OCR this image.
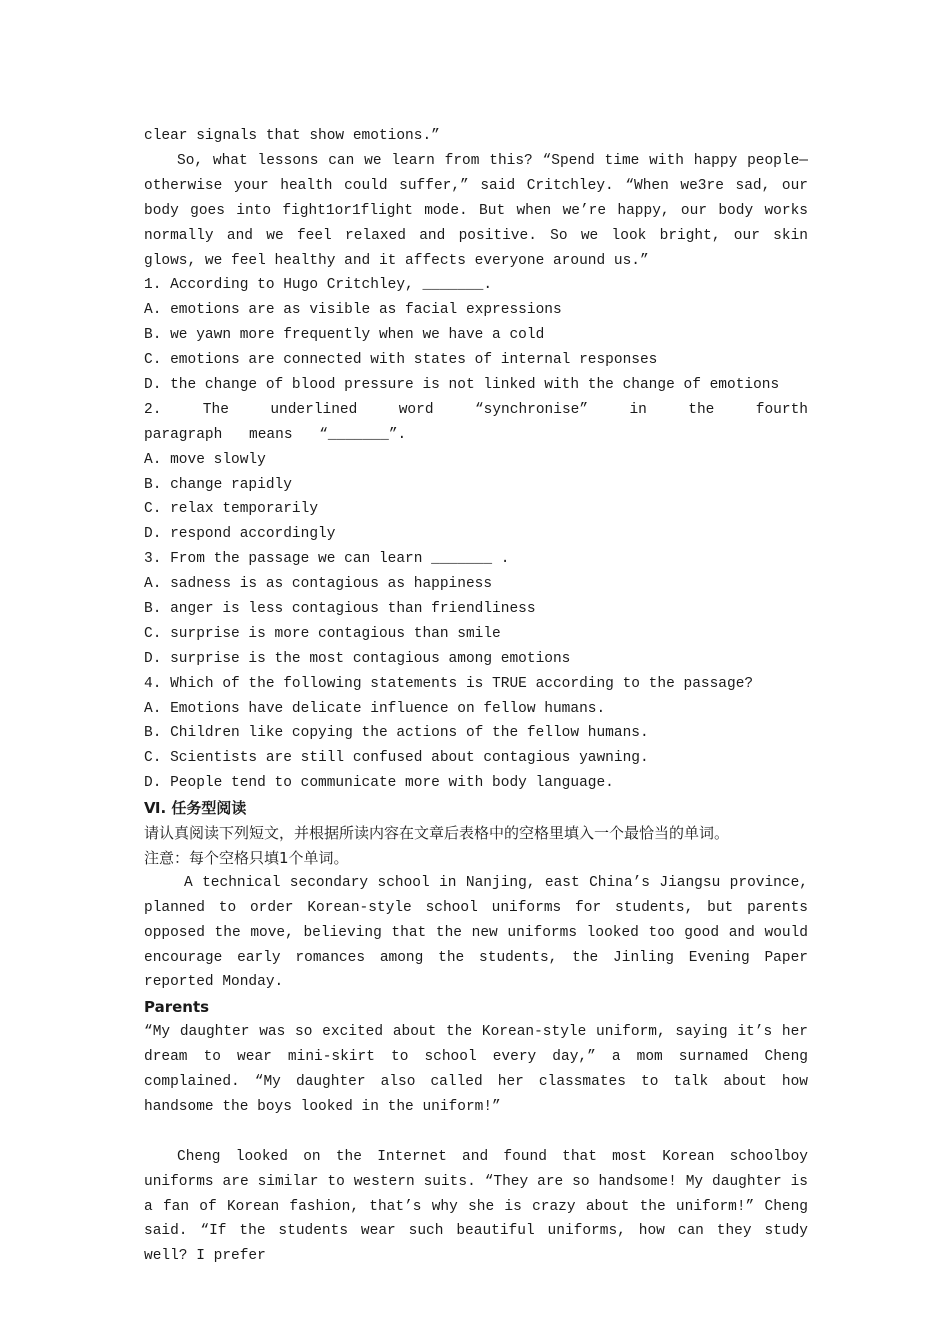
clear signals that show emotions.”

So, what lessons can we learn from this? “Spend time with happy people—otherwise your health could suffer,” said Critchley. “When we3re sad, our body goes into fight1or1flight mode. But when we’re happy, our body works normally and we feel relaxed and positive. So we look bright, our skin glows, we feel healthy and it affects everyone around us.”

1. According to Hugo Critchley, _______.
A. emotions are as visible as facial expressions
B. we yawn more frequently when we have a cold
C. emotions are connected with states of internal responses
D. the change of blood pressure is not linked with the change of emotions
2. The underlined word “synchronise” in the fourth paragraph means “_______”.
A. move slowly
B. change rapidly
C. relax temporarily
D. respond accordingly
3. From the passage we can learn _______ .
A. sadness is as contagious as happiness
B. anger is less contagious than friendliness
C. surprise is more contagious than smile
D. surprise is the most contagious among emotions
4. Which of the following statements is TRUE according to the passage?
A. Emotions have delicate influence on fellow humans.
B. Children like copying the actions of the fellow humans.
C. Scientists are still confused about contagious yawning.
D. People tend to communicate more with body language.
Ⅵ. 任务型阅读
请认真阅读下列短文，并根据所读内容在文章后表格中的空格里填入一个最恰当的单词。
注意：每个空格只填1个单词。

A technical secondary school in Nanjing, east China’s Jiangsu province, planned to order Korean-style school uniforms for students, but parents opposed the move, believing that the new uniforms looked too good and would encourage early romances among the students, the Jinling Evening Paper reported Monday.

Parents

“My daughter was so excited about the Korean-style uniform, saying it’s her dream to wear mini-skirt to school every day,” a mom surnamed Cheng complained. “My daughter also called her classmates to talk about how handsome the boys looked in the uniform!”

Cheng looked on the Internet and found that most Korean schoolboy uniforms are similar to western suits. “They are so handsome! My daughter is a fan of Korean fashion, that’s why she is crazy about the uniform!” Cheng said. “If the students wear such beautiful uniforms, how can they study well? I prefer
